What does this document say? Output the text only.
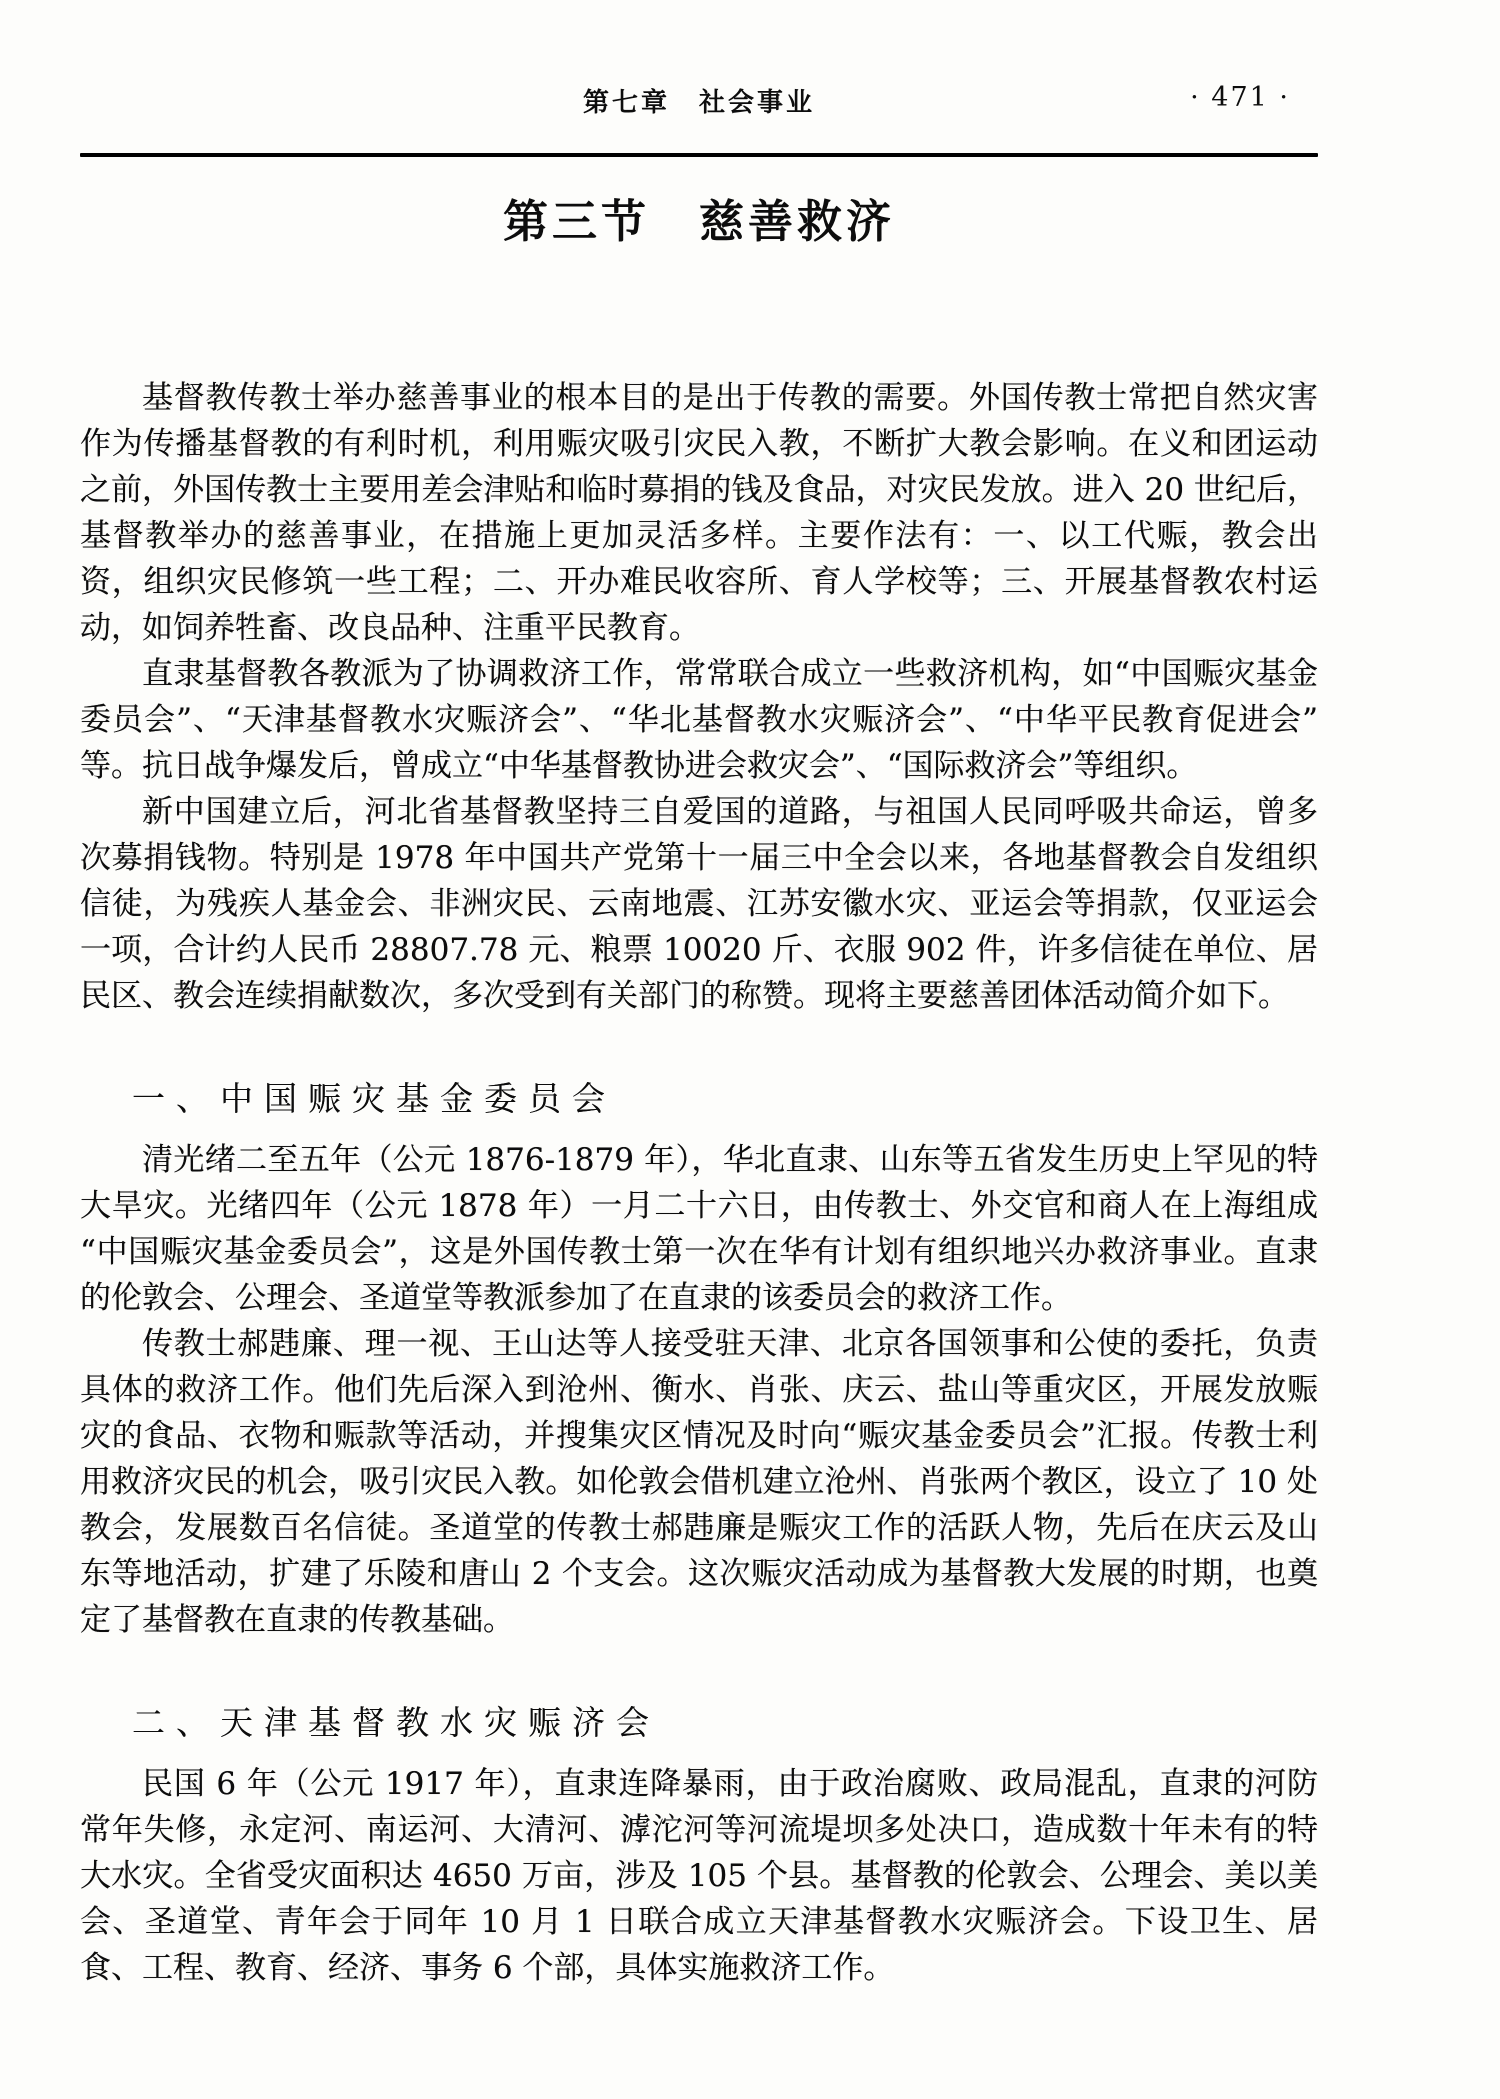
第七章　社会事业	· 471 ·
第三节　慈善救济

基督教传教士举办慈善事业的根本目的是出于传教的需要。外国传教士常把自然灾害作为传播基督教的有利时机，利用赈灾吸引灾民入教，不断扩大教会影响。在义和团运动之前，外国传教士主要用差会津贴和临时募捐的钱及食品，对灾民发放。进入 20 世纪后，基督教举办的慈善事业，在措施上更加灵活多样。主要作法有：一、以工代赈，教会出资，组织灾民修筑一些工程；二、开办难民收容所、育人学校等；三、开展基督教农村运动，如饲养牲畜、改良品种、注重平民教育。

直隶基督教各教派为了协调救济工作，常常联合成立一些救济机构，如“中国赈灾基金委员会”、“天津基督教水灾赈济会”、“华北基督教水灾赈济会”、“中华平民教育促进会”等。抗日战争爆发后，曾成立“中华基督教协进会救灾会”、“国际救济会”等组织。

新中国建立后，河北省基督教坚持三自爱国的道路，与祖国人民同呼吸共命运，曾多次募捐钱物。特别是 1978 年中国共产党第十一届三中全会以来，各地基督教会自发组织信徒，为残疾人基金会、非洲灾民、云南地震、江苏安徽水灾、亚运会等捐款，仅亚运会一项，合计约人民币 28807.78 元、粮票 10020 斤、衣服 902 件，许多信徒在单位、居民区、教会连续捐献数次，多次受到有关部门的称赞。现将主要慈善团体活动简介如下。

一、中国赈灾基金委员会

清光绪二至五年（公元 1876-1879 年），华北直隶、山东等五省发生历史上罕见的特大旱灾。光绪四年（公元 1878 年）一月二十六日，由传教士、外交官和商人在上海组成“中国赈灾基金委员会”，这是外国传教士第一次在华有计划有组织地兴办救济事业。直隶的伦敦会、公理会、圣道堂等教派参加了在直隶的该委员会的救济工作。

传教士郝韪廉、理一视、王山达等人接受驻天津、北京各国领事和公使的委托，负责具体的救济工作。他们先后深入到沧州、衡水、肖张、庆云、盐山等重灾区，开展发放赈灾的食品、衣物和赈款等活动，并搜集灾区情况及时向“赈灾基金委员会”汇报。传教士利用救济灾民的机会，吸引灾民入教。如伦敦会借机建立沧州、肖张两个教区，设立了 10 处教会，发展数百名信徒。圣道堂的传教士郝韪廉是赈灾工作的活跃人物，先后在庆云及山东等地活动，扩建了乐陵和唐山 2 个支会。这次赈灾活动成为基督教大发展的时期，也奠定了基督教在直隶的传教基础。

二、天津基督教水灾赈济会

民国 6 年（公元 1917 年），直隶连降暴雨，由于政治腐败、政局混乱，直隶的河防常年失修，永定河、南运河、大清河、滹沱河等河流堤坝多处决口，造成数十年未有的特大水灾。全省受灾面积达 4650 万亩，涉及 105 个县。基督教的伦敦会、公理会、美以美会、圣道堂、青年会于同年 10 月 1 日联合成立天津基督教水灾赈济会。下设卫生、居食、工程、教育、经济、事务 6 个部，具体实施救济工作。
